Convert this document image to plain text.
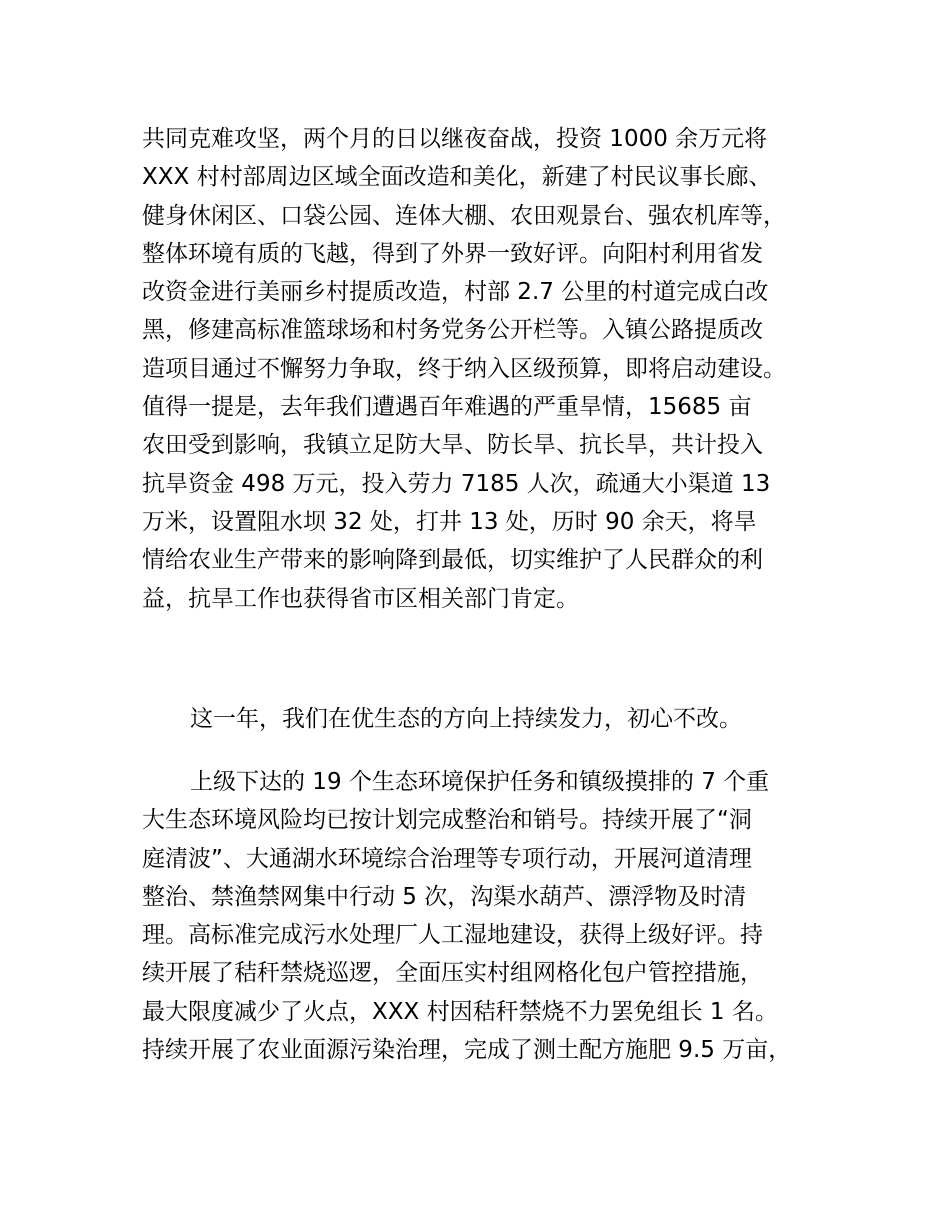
共同克难攻坚，两个月的日以继夜奋战，投资 1000 余万元将
XXX 村村部周边区域全面改造和美化，新建了村民议事长廊、
健身休闲区、口袋公园、连体大棚、农田观景台、强农机库等，
整体环境有质的飞越，得到了外界一致好评。向阳村利用省发
改资金进行美丽乡村提质改造，村部 2.7 公里的村道完成白改
黑，修建高标准篮球场和村务党务公开栏等。入镇公路提质改
造项目通过不懈努力争取，终于纳入区级预算，即将启动建设。
值得一提是，去年我们遭遇百年难遇的严重旱情，15685 亩
农田受到影响，我镇立足防大旱、防长旱、抗长旱，共计投入
抗旱资金 498 万元，投入劳力 7185 人次，疏通大小渠道 13
万米，设置阻水坝 32 处，打井 13 处，历时 90 余天，将旱
情给农业生产带来的影响降到最低，切实维护了人民群众的利
益，抗旱工作也获得省市区相关部门肯定。
这一年，我们在优生态的方向上持续发力，初心不改。
上级下达的 19 个生态环境保护任务和镇级摸排的 7 个重
大生态环境风险均已按计划完成整治和销号。持续开展了“洞
庭清波”、大通湖水环境综合治理等专项行动，开展河道清理
整治、禁渔禁网集中行动 5 次，沟渠水葫芦、漂浮物及时清
理。高标准完成污水处理厂人工湿地建设，获得上级好评。持
续开展了秸秆禁烧巡逻，全面压实村组网格化包户管控措施，
最大限度减少了火点，XXX 村因秸秆禁烧不力罢免组长 1 名。
持续开展了农业面源污染治理，完成了测土配方施肥 9.5 万亩，
